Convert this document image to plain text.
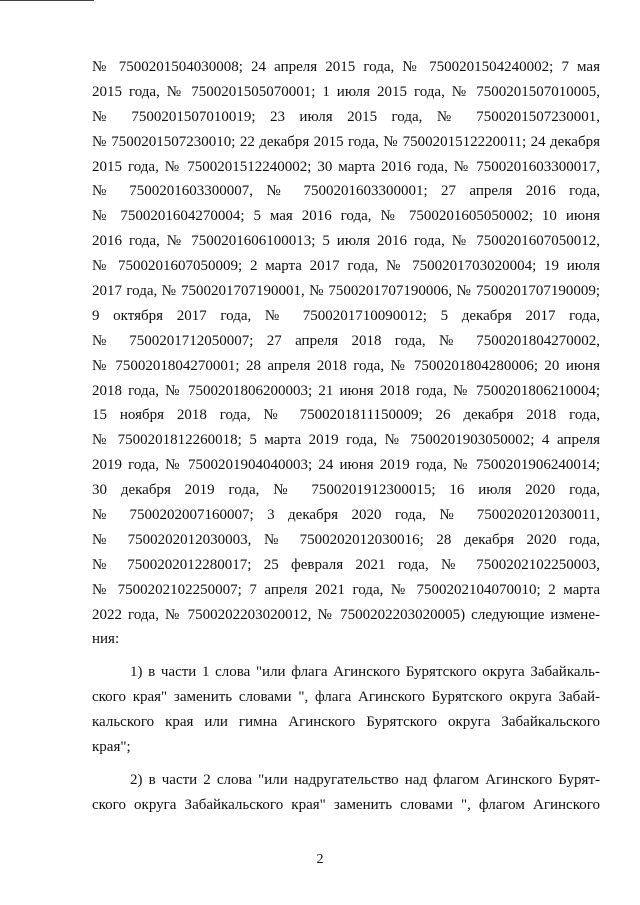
№ 7500201504030008; 24 апреля 2015 года, № 7500201504240002; 7 мая
2015 года, № 7500201505070001; 1 июля 2015 года, № 7500201507010005,
№ 7500201507010019; 23 июля 2015 года, № 7500201507230001,
№ 7500201507230010; 22 декабря 2015 года, № 7500201512220011; 24 декабря
2015 года, № 7500201512240002; 30 марта 2016 года, № 7500201603300017,
№ 7500201603300007, № 7500201603300001; 27 апреля 2016 года,
№ 7500201604270004; 5 мая 2016 года, № 7500201605050002; 10 июня
2016 года, № 7500201606100013; 5 июля 2016 года, № 7500201607050012,
№ 7500201607050009; 2 марта 2017 года, № 7500201703020004; 19 июля
2017 года, № 7500201707190001, № 7500201707190006, № 7500201707190009;
9 октября 2017 года, № 7500201710090012; 5 декабря 2017 года,
№ 7500201712050007; 27 апреля 2018 года, № 7500201804270002,
№ 7500201804270001; 28 апреля 2018 года, № 7500201804280006; 20 июня
2018 года, № 7500201806200003; 21 июня 2018 года, № 7500201806210004;
15 ноября 2018 года, № 7500201811150009; 26 декабря 2018 года,
№ 7500201812260018; 5 марта 2019 года, № 7500201903050002; 4 апреля
2019 года, № 7500201904040003; 24 июня 2019 года, № 7500201906240014;
30 декабря 2019 года, № 7500201912300015; 16 июля 2020 года,
№ 7500202007160007; 3 декабря 2020 года, № 7500202012030011,
№ 7500202012030003, № 7500202012030016; 28 декабря 2020 года,
№ 7500202012280017; 25 февраля 2021 года, № 7500202102250003,
№ 7500202102250007; 7 апреля 2021 года, № 7500202104070010; 2 марта
2022 года, № 7500202203020012, № 7500202203020005) следующие измене-
ния:
1) в части 1 слова "или флага Агинского Бурятского округа Забайкаль-
ского края" заменить словами ", флага Агинского Бурятского округа Забай-
кальского края или гимна Агинского Бурятского округа Забайкальского
края";
2) в части 2 слова "или надругательство над флагом Агинского Бурят-
ского округа Забайкальского края" заменить словами ", флагом Агинского
2
